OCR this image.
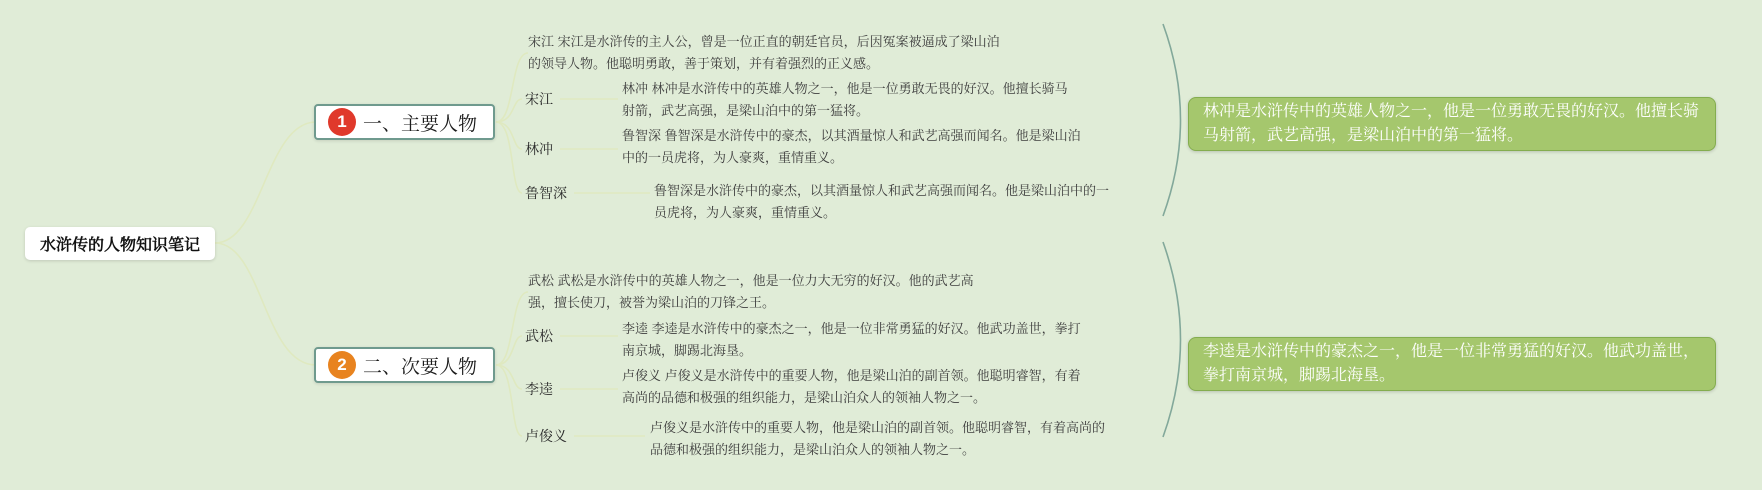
水浒传的人物知识笔记
1 一、主要人物
宋江 宋江是水浒传的主人公，曾是一位正直的朝廷官员，后因冤案被逼成了梁山泊的领导人物。他聪明勇敢，善于策划，并有着强烈的正义感。
宋江
林冲 林冲是水浒传中的英雄人物之一，他是一位勇敢无畏的好汉。他擅长骑马射箭，武艺高强，是梁山泊中的第一猛将。
林冲
鲁智深 鲁智深是水浒传中的豪杰，以其酒量惊人和武艺高强而闻名。他是梁山泊中的一员虎将，为人豪爽，重情重义。
鲁智深	鲁智深是水浒传中的豪杰，以其酒量惊人和武艺高强而闻名。他是梁山泊中的一员虎将，为人豪爽，重情重义。
林冲是水浒传中的英雄人物之一，他是一位勇敢无畏的好汉。他擅长骑马射箭，武艺高强，是梁山泊中的第一猛将。
2 二、次要人物
武松 武松是水浒传中的英雄人物之一，他是一位力大无穷的好汉。他的武艺高强，擅长使刀，被誉为梁山泊的刀锋之王。
武松	李逵 李逵是水浒传中的豪杰之一，他是一位非常勇猛的好汉。他武功盖世，拳打南京城，脚踢北海垦。
李逵
卢俊义 卢俊义是水浒传中的重要人物，他是梁山泊的副首领。他聪明睿智，有着高尚的品德和极强的组织能力，是梁山泊众人的领袖人物之一。
卢俊义
卢俊义是水浒传中的重要人物，他是梁山泊的副首领。他聪明睿智，有着高尚的品德和极强的组织能力，是梁山泊众人的领袖人物之一。
李逵是水浒传中的豪杰之一，他是一位非常勇猛的好汉。他武功盖世，拳打南京城，脚踢北海垦。
